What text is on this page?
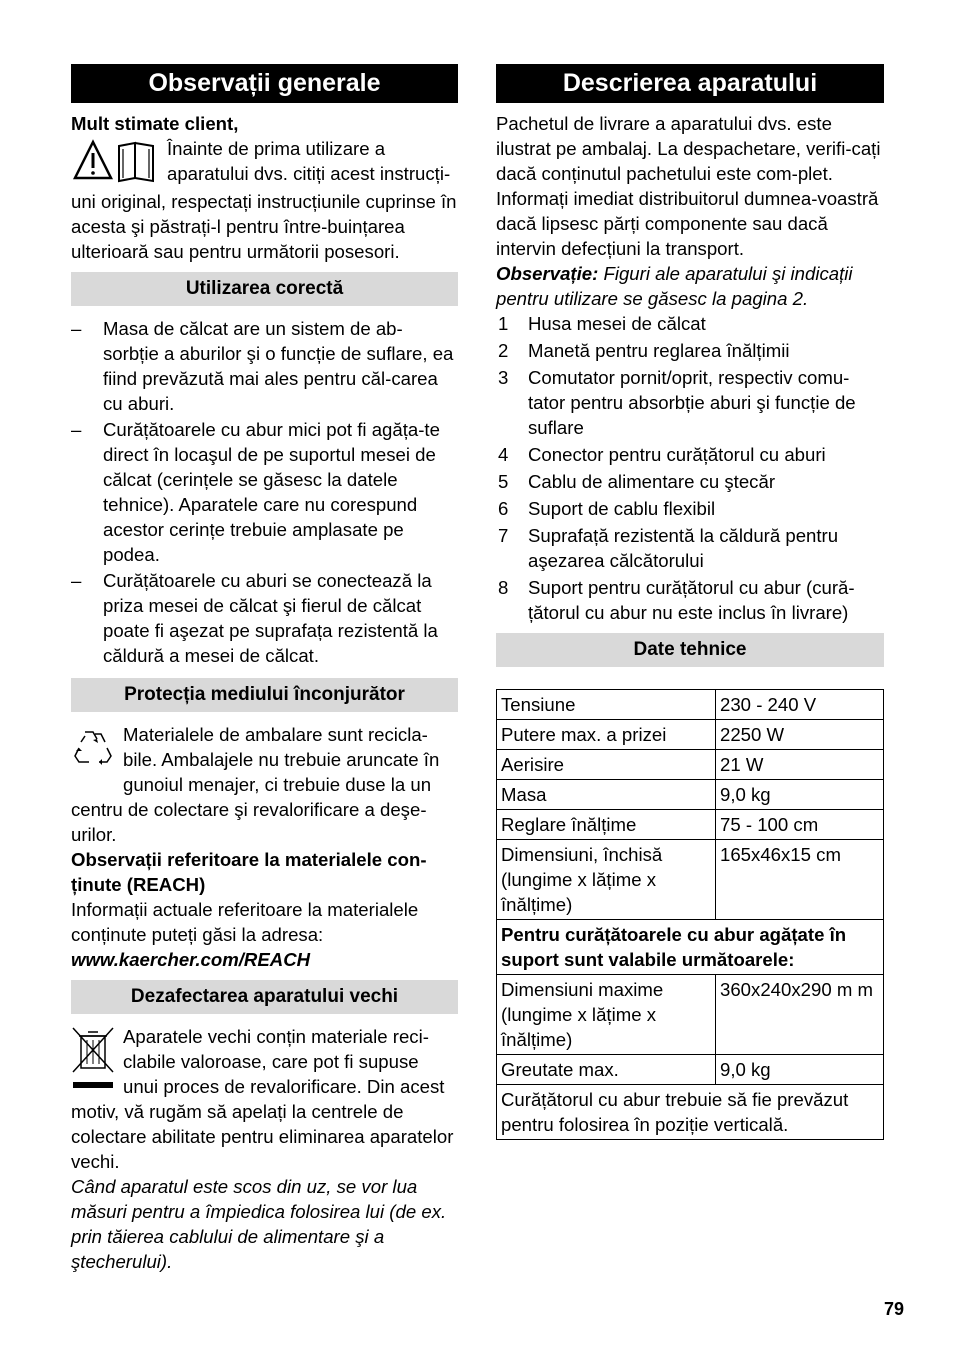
Observații generale

Mult stimate client,

Înainte de prima utilizare a aparatului dvs. citiți acest instrucți-

uni original, respectați instrucțiunile cuprinse în acesta şi păstrați-l pentru între-buințarea ulterioară sau pentru următorii posesori.

Utilizarea corectă
– Masa de călcat are un sistem de ab-sorbție a aburilor şi o funcție de suflare, ea fiind prevăzută mai ales pentru căl-carea cu aburi.
– Curățătoarele cu abur mici pot fi agăța-te direct în locaşul de pe suportul mesei de călcat (cerințele se găsesc la datele tehnice). Aparatele care nu corespund acestor cerințe trebuie amplasate pe podea.
– Curățătoarele cu aburi se conectează la priza mesei de călcat şi fierul de călcat poate fi aşezat pe suprafața rezistentă la căldură a mesei de călcat.
Protecția mediului înconjurător

Materialele de ambalare sunt recicla-bile. Ambalajele nu trebuie aruncate în gunoiul menajer, ci trebuie duse la un centru de colectare şi revalorificare a deşe-urilor.

Observații referitoare la materialele con-ținute (REACH)

Informații actuale referitoare la materialele conținute puteți găsi la adresa:

www.kaercher.com/REACH

Dezafectarea aparatului vechi

Aparatele vechi conțin materiale reci-clabile valoroase, care pot fi supuse unui proces de revalorificare. Din acest motiv, vă rugăm să apelați la centrele de colectare abilitate pentru eliminarea aparatelor vechi.

Când aparatul este scos din uz, se vor lua măsuri pentru a împiedica folosirea lui (de ex. prin tăierea cablului de alimentare şi a ştecherului).

Descrierea aparatului

Pachetul de livrare a aparatului dvs. este ilustrat pe ambalaj. La despachetare, verifi-cați dacă conținutul pachetului este com-plet.

Informați imediat distribuitorul dumnea-voastră dacă lipsesc părți componente sau dacă intervin defecțiuni la transport.

Observație: Figuri ale aparatului şi indicații pentru utilizare se găsesc la pagina 2.

1 Husa mesei de călcat
2 Manetă pentru reglarea înălțimii
3 Comutator pornit/oprit, respectiv comu-tator pentru absorbție aburi şi funcție de suflare
4 Conector pentru curățătorul cu aburi
5 Cablu de alimentare cu ştecăr
6 Suport de cablu flexibil
7 Suprafață rezistentă la căldură pentru aşezarea călcătorului
8 Suport pentru curățătorul cu abur (cură-țătorul cu abur nu este inclus în livrare)
Date tehnice
Tensiune	230 - 240 V
Putere max. a prizei	2250 W
Aerisire	21 W
Masa	9,0 kg
Reglare înălțime	75 - 100 cm
Dimensiuni, închisă (lungime x lățime x înălțime)	165x46x15 cm
Pentru curățătoarele cu abur agățate în suport sunt valabile următoarele:	
Dimensiuni maxime (lungime x lățime x înălțime)	360x240x290 m m
Greutate max.	9,0 kg
Curățătorul cu abur trebuie să fie prevăzut pentru folosirea în poziție verticală.	
79
